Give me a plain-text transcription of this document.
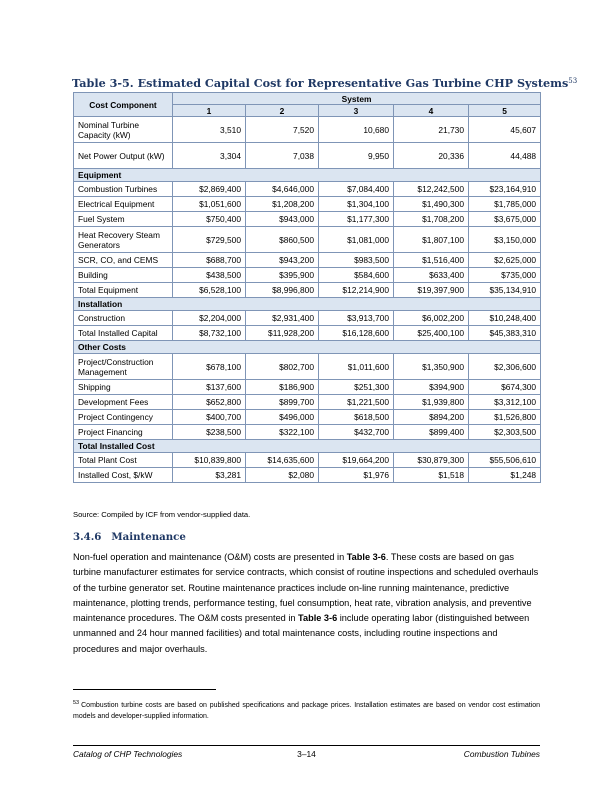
Table 3-5. Estimated Capital Cost for Representative Gas Turbine CHP Systems$^{53}$
Cost Component	System				
	1	2	3	4	5
Nominal Turbine Capacity (kW)	3,510	7,520	10,680	21,730	45,607
Net Power Output (kW)	3,304	7,038	9,950	20,336	44,488
Equipment					
Combustion Turbines	$2,869,400	$4,646,000	$7,084,400	$12,242,500	$23,164,910
Electrical Equipment	$1,051,600	$1,208,200	$1,304,100	$1,490,300	$1,785,000
Fuel System	$750,400	$943,000	$1,177,300	$1,708,200	$3,675,000
Heat Recovery Steam Generators	$729,500	$860,500	$1,081,000	$1,807,100	$3,150,000
SCR, CO, and CEMS	$688,700	$943,200	$983,500	$1,516,400	$2,625,000
Building	$438,500	$395,900	$584,600	$633,400	$735,000
Total Equipment	$6,528,100	$8,996,800	$12,214,900	$19,397,900	$35,134,910
Installation					
Construction	$2,204,000	$2,931,400	$3,913,700	$6,002,200	$10,248,400
Total Installed Capital	$8,732,100	$11,928,200	$16,128,600	$25,400,100	$45,383,310
Other Costs					
Project/Construction Management	$678,100	$802,700	$1,011,600	$1,350,900	$2,306,600
Shipping	$137,600	$186,900	$251,300	$394,900	$674,300
Development Fees	$652,800	$899,700	$1,221,500	$1,939,800	$3,312,100
Project Contingency	$400,700	$496,000	$618,500	$894,200	$1,526,800
Project Financing	$238,500	$322,100	$432,700	$899,400	$2,303,500
Total Installed Cost					
Total Plant Cost	$10,839,800	$14,635,600	$19,664,200	$30,879,300	$55,506,610
Installed Cost, $/kW	$3,281	$2,080	$1,976	$1,518	$1,248
Source: Compiled by ICF from vendor-supplied data.
3.4.6 Maintenance
Non-fuel operation and maintenance (O&M) costs are presented in Table 3-6. These costs are based on gas turbine manufacturer estimates for service contracts, which consist of routine inspections and scheduled overhauls of the turbine generator set. Routine maintenance practices include on-line running maintenance, predictive maintenance, plotting trends, performance testing, fuel consumption, heat rate, vibration analysis, and preventive maintenance procedures. The O&M costs presented in Table 3-6 include operating labor (distinguished between unmanned and 24 hour manned facilities) and total maintenance costs, including routine inspections and procedures and major overhauls.
$^{53}$ Combustion turbine costs are based on published specifications and package prices. Installation estimates are based on vendor cost estimation models and developer-supplied information.
Catalog of CHP Technologies	3–14	Combustion Tubines
